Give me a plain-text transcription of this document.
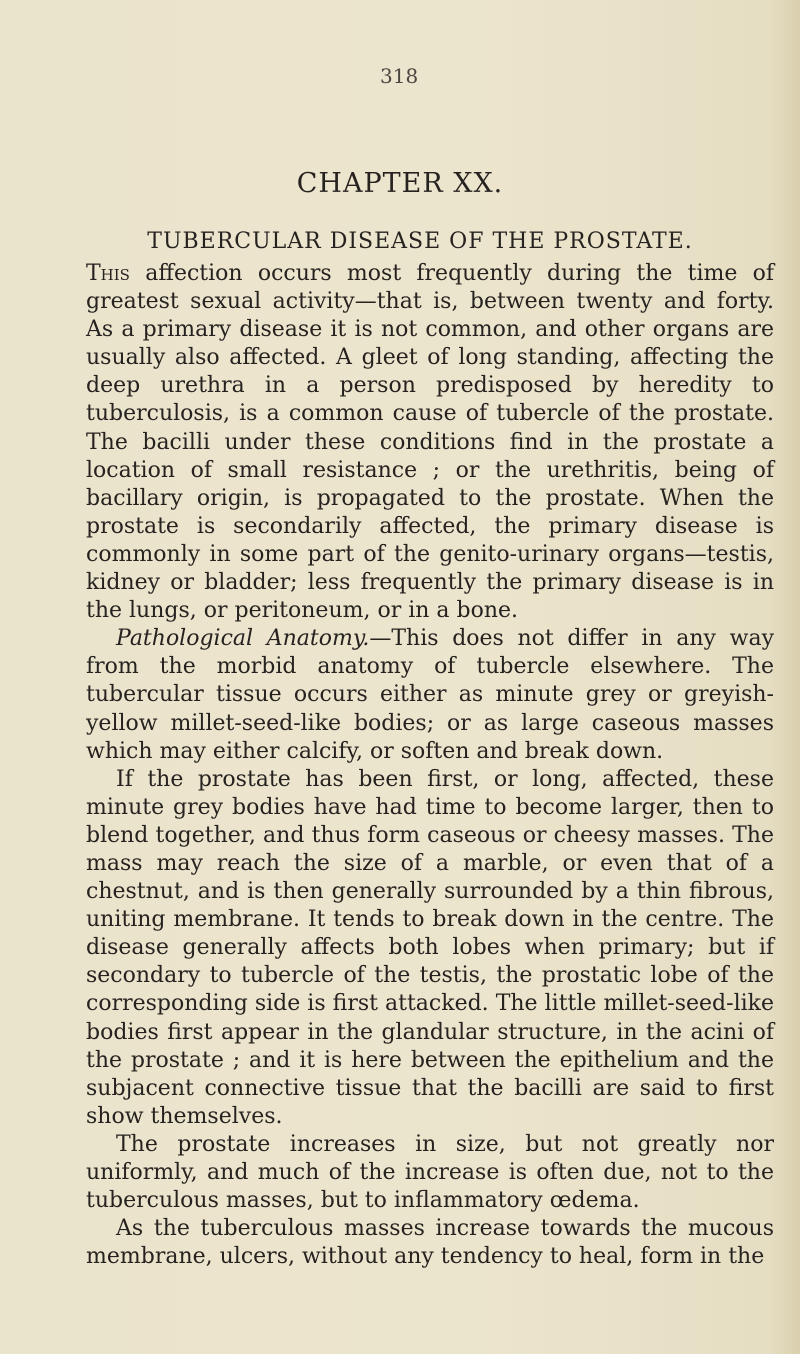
318
CHAPTER XX.
TUBERCULAR DISEASE OF THE PROSTATE.

This affection occurs most frequently during the time of greatest sexual activity—that is, between twenty and forty. As a primary disease it is not common, and other organs are usually also affected. A gleet of long standing, affecting the deep urethra in a person predisposed by heredity to tuberculosis, is a common cause of tubercle of the prostate. The bacilli under these conditions find in the prostate a location of small resistance ; or the urethritis, being of bacillary origin, is propagated to the prostate. When the prostate is secondarily affected, the primary disease is commonly in some part of the genito-urinary organs—testis, kidney or bladder; less frequently the primary disease is in the lungs, or peritoneum, or in a bone.

Pathological Anatomy.—This does not differ in any way from the morbid anatomy of tubercle elsewhere. The tubercular tissue occurs either as minute grey or greyish-yellow millet-seed-like bodies; or as large caseous masses which may either calcify, or soften and break down.

If the prostate has been first, or long, affected, these minute grey bodies have had time to become larger, then to blend together, and thus form caseous or cheesy masses. The mass may reach the size of a marble, or even that of a chestnut, and is then generally surrounded by a thin fibrous, uniting membrane. It tends to break down in the centre. The disease generally affects both lobes when primary; but if secondary to tubercle of the testis, the prostatic lobe of the corresponding side is first attacked. The little millet-seed-like bodies first appear in the glandular structure, in the acini of the prostate ; and it is here between the epithelium and the subjacent connective tissue that the bacilli are said to first show themselves.

The prostate increases in size, but not greatly nor uniformly, and much of the increase is often due, not to the tuberculous masses, but to inflammatory œdema.

As the tuberculous masses increase towards the mucous membrane, ulcers, without any tendency to heal, form in the
